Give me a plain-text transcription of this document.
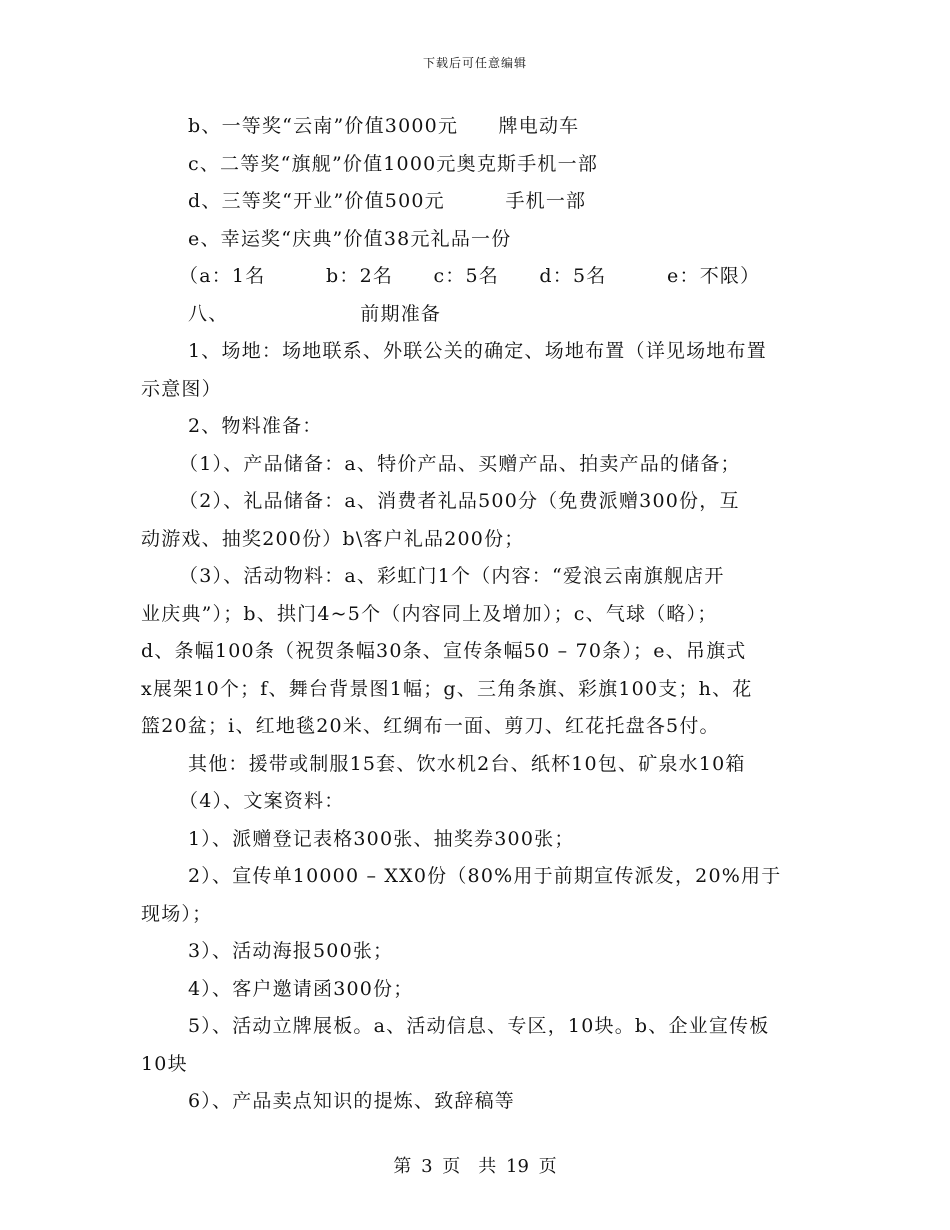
下载后可任意编辑

b、一等奖“云南”价值3000元　　牌电动车

c、二等奖“旗舰”价值1000元奥克斯手机一部

d、三等奖“开业”价值500元　　　手机一部

e、幸运奖“庆典”价值38元礼品一份

（a：1名　　　b：2名　　c：5名　　d：5名　　　e：不限）

八、　　　　　　　前期准备

1、场地：场地联系、外联公关的确定、场地布置（详见场地布置

示意图）

2、物料准备：

（1）、产品储备：a、特价产品、买赠产品、拍卖产品的储备；

（2）、礼品储备：a、消费者礼品500分（免费派赠300份，互

动游戏、抽奖200份）b\客户礼品200份；

（3）、活动物料：a、彩虹门1个（内容：“爱浪云南旗舰店开

业庆典”）；b、拱门4~5个（内容同上及增加）；c、气球（略）；

d、条幅100条（祝贺条幅30条、宣传条幅50 – 70条）；e、吊旗式

x展架10个；f、舞台背景图1幅；g、三角条旗、彩旗100支；h、花

篮20盆；i、红地毯20米、红绸布一面、剪刀、红花托盘各5付。

其他：援带或制服15套、饮水机2台、纸杯10包、矿泉水10箱

（4）、文案资料：

1）、派赠登记表格300张、抽奖券300张；

2）、宣传单10000 – XX0份（80%用于前期宣传派发，20%用于

现场）；

3）、活动海报500张；

4）、客户邀请函300份；

5）、活动立牌展板。a、活动信息、专区，10块。b、企业宣传板

10块

6）、产品卖点知识的提炼、致辞稿等

第 3 页　共 19 页
